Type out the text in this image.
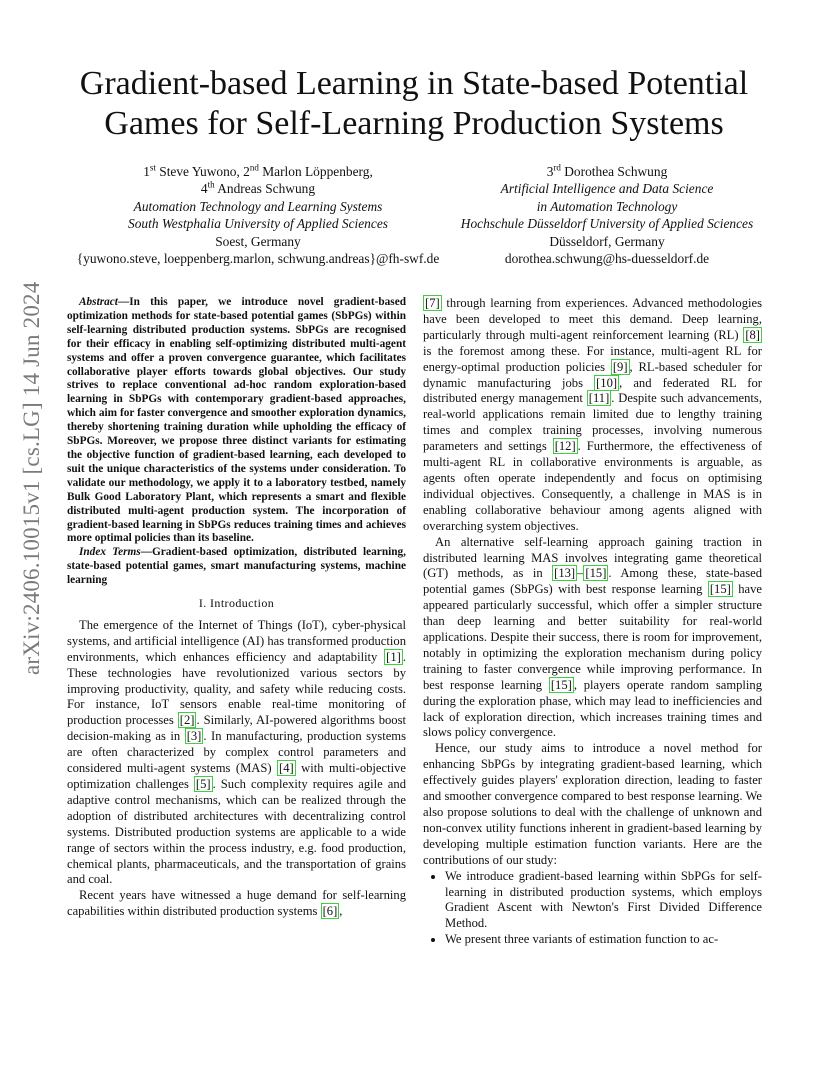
arXiv:2406.10015v1 [cs.LG] 14 Jun 2024
Gradient-based Learning in State-based Potential Games for Self-Learning Production Systems
1st Steve Yuwono, 2nd Marlon Löppenberg,
4th Andreas Schwung
Automation Technology and Learning Systems
South Westphalia University of Applied Sciences
Soest, Germany
{yuwono.steve, loeppenberg.marlon, schwung.andreas}@fh-swf.de
3rd Dorothea Schwung
Artificial Intelligence and Data Science
in Automation Technology
Hochschule Düsseldorf University of Applied Sciences
Düsseldorf, Germany
dorothea.schwung@hs-duesseldorf.de

Abstract—In this paper, we introduce novel gradient-based optimization methods for state-based potential games (SbPGs) within self-learning distributed production systems. SbPGs are recognised for their efficacy in enabling self-optimizing distributed multi-agent systems and offer a proven convergence guarantee, which facilitates collaborative player efforts towards global objectives. Our study strives to replace conventional ad-hoc random exploration-based learning in SbPGs with contemporary gradient-based approaches, which aim for faster convergence and smoother exploration dynamics, thereby shortening training duration while upholding the efficacy of SbPGs. Moreover, we propose three distinct variants for estimating the objective function of gradient-based learning, each developed to suit the unique characteristics of the systems under consideration. To validate our methodology, we apply it to a laboratory testbed, namely Bulk Good Laboratory Plant, which represents a smart and flexible distributed multi-agent production system. The incorporation of gradient-based learning in SbPGs reduces training times and achieves more optimal policies than its baseline.

Index Terms—Gradient-based optimization, distributed learning, state-based potential games, smart manufacturing systems, machine learning

I. Introduction

The emergence of the Internet of Things (IoT), cyber-physical systems, and artificial intelligence (AI) has transformed production environments, which enhances efficiency and adaptability [1] . These technologies have revolutionized various sectors by improving productivity, quality, and safety while reducing costs. For instance, IoT sensors enable real-time monitoring of production processes [2] . Similarly, AI-powered algorithms boost decision-making as in [3] . In manufacturing, production systems are often characterized by complex control parameters and considered multi-agent systems (MAS) [4] with multi-objective optimization challenges [5] . Such complexity requires agile and adaptive control mechanisms, which can be realized through the adoption of distributed architectures with decentralizing control systems. Distributed production systems are applicable to a wide range of sectors within the process industry, e.g. food production, chemical plants, pharmaceuticals, and the transportation of grains and coal.

Recent years have witnessed a huge demand for self-learning capabilities within distributed production systems [6] ,

[7] through learning from experiences. Advanced methodologies have been developed to meet this demand. Deep learning, particularly through multi-agent reinforcement learning (RL) [8] is the foremost among these. For instance, multi-agent RL for energy-optimal production policies [9] , RL-based scheduler for dynamic manufacturing jobs [10] , and federated RL for distributed energy management [11] . Despite such advancements, real-world applications remain limited due to lengthy training times and complex training processes, involving numerous parameters and settings [12] . Furthermore, the effectiveness of multi-agent RL in collaborative environments is arguable, as agents often operate independently and focus on optimising individual objectives. Consequently, a challenge in MAS is in enabling collaborative behaviour among agents aligned with overarching system objectives.

An alternative self-learning approach gaining traction in distributed learning MAS involves integrating game theoretical (GT) methods, as in [13] – [15] . Among these, state-based potential games (SbPGs) with best response learning [15] have appeared particularly successful, which offer a simpler structure than deep learning and better suitability for real-world applications. Despite their success, there is room for improvement, notably in optimizing the exploration mechanism during policy training to faster convergence while improving performance. In best response learning [15] , players operate random sampling during the exploration phase, which may lead to inefficiencies and lack of exploration direction, which increases training times and slows policy convergence.

Hence, our study aims to introduce a novel method for enhancing SbPGs by integrating gradient-based learning, which effectively guides players' exploration direction, leading to faster and smoother convergence compared to best response learning. We also propose solutions to deal with the challenge of unknown and non-convex utility functions inherent in gradient-based learning by developing multiple estimation function variants. Here are the contributions of our study:

• We introduce gradient-based learning within SbPGs for self-learning in distributed production systems, which employs Gradient Ascent with Newton's First Divided Difference Method.
• We present three variants of estimation function to ac-
